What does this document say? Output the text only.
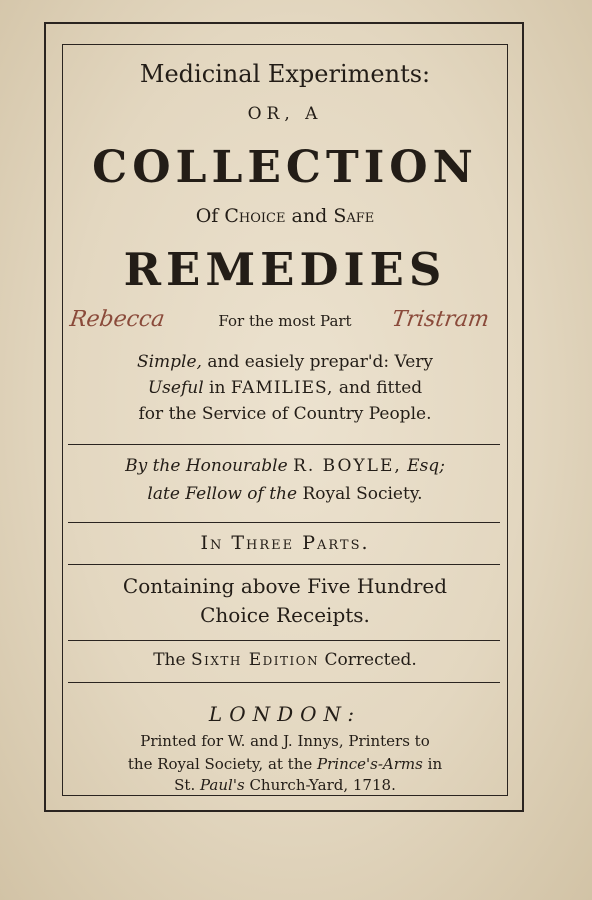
Medicinal Experiments:
OR, A
COLLECTION
Of Choice and Safe
REMEDIES
For the most Part
Rebecca	Tristram
Simple, and easiely prepar'd: Very
Useful in FAMILIES, and fitted
for the Service of Country People.
By the Honourable R. BOYLE, Esq;
late Fellow of the Royal Society.
In Three Parts.
Containing above Five Hundred
Choice Receipts.
The Sixth Edition Corrected.
LONDON:
Printed for W. and J. Innys, Printers to
the Royal Society, at the Prince's-Arms in
St. Paul's Church-Yard, 1718.
